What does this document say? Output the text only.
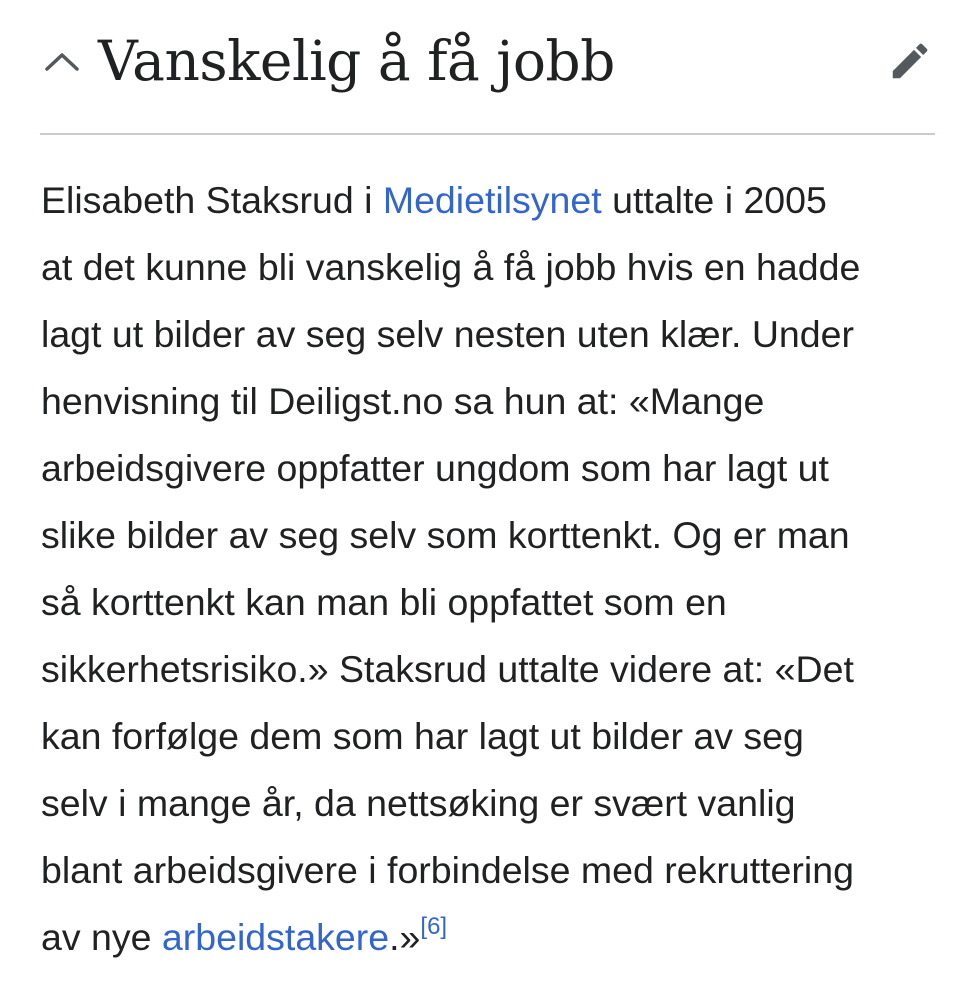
Vanskelig å få jobb

Elisabeth Staksrud i Medietilsynet uttalte i 2005
at det kunne bli vanskelig å få jobb hvis en hadde
lagt ut bilder av seg selv nesten uten klær. Under
henvisning til Deiligst.no sa hun at: «Mange
arbeidsgivere oppfatter ungdom som har lagt ut
slike bilder av seg selv som korttenkt. Og er man
så korttenkt kan man bli oppfattet som en
sikkerhetsrisiko.» Staksrud uttalte videre at: «Det
kan forfølge dem som har lagt ut bilder av seg
selv i mange år, da nettsøking er svært vanlig
blant arbeidsgivere i forbindelse med rekruttering
av nye arbeidstakere.»[6]
